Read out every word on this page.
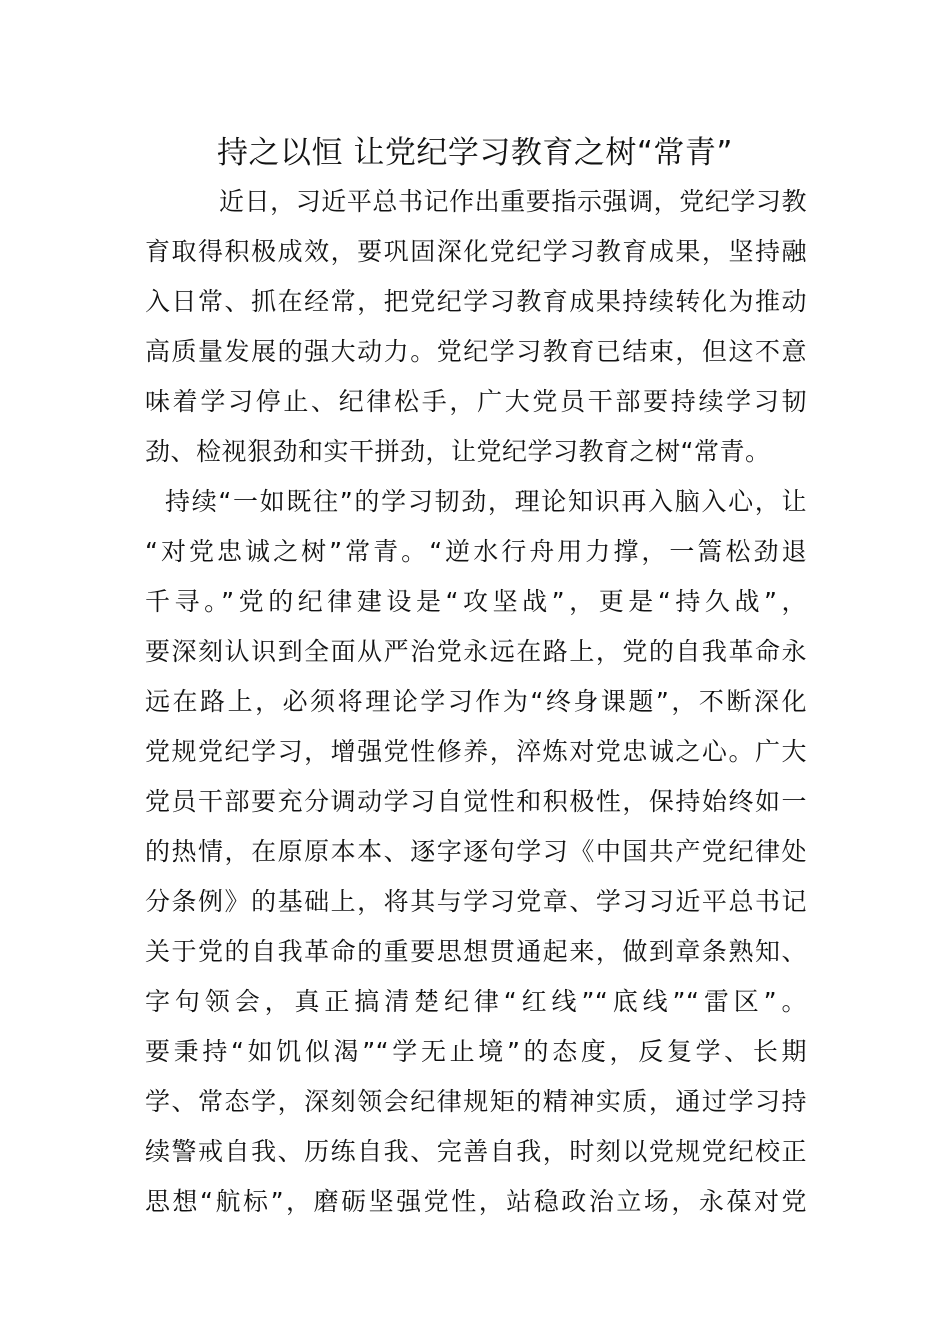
持之以恒 让党纪学习教育之树“常青”
近日，习近平总书记作出重要指示强调，党纪学习教
育取得积极成效，要巩固深化党纪学习教育成果，坚持融
入日常、抓在经常，把党纪学习教育成果持续转化为推动
高质量发展的强大动力。党纪学习教育已结束，但这不意
味着学习停止、纪律松手，广大党员干部要持续学习韧
劲、检视狠劲和实干拼劲，让党纪学习教育之树“常青。
持续“一如既往”的学习韧劲，理论知识再入脑入心，让
“对党忠诚之树”常青。“逆水行舟用力撑，一篙松劲退
千寻。”党的纪律建设是“攻坚战”，更是“持久战”，
要深刻认识到全面从严治党永远在路上，党的自我革命永
远在路上，必须将理论学习作为“终身课题”，不断深化
党规党纪学习，增强党性修养，淬炼对党忠诚之心。广大
党员干部要充分调动学习自觉性和积极性，保持始终如一
的热情，在原原本本、逐字逐句学习《中国共产党纪律处
分条例》的基础上，将其与学习党章、学习习近平总书记
关于党的自我革命的重要思想贯通起来，做到章条熟知、
字句领会，真正搞清楚纪律“红线”“底线”“雷区”。
要秉持“如饥似渴”“学无止境”的态度，反复学、长期
学、常态学，深刻领会纪律规矩的精神实质，通过学习持
续警戒自我、历练自我、完善自我，时刻以党规党纪校正
思想“航标”，磨砺坚强党性，站稳政治立场，永葆对党
